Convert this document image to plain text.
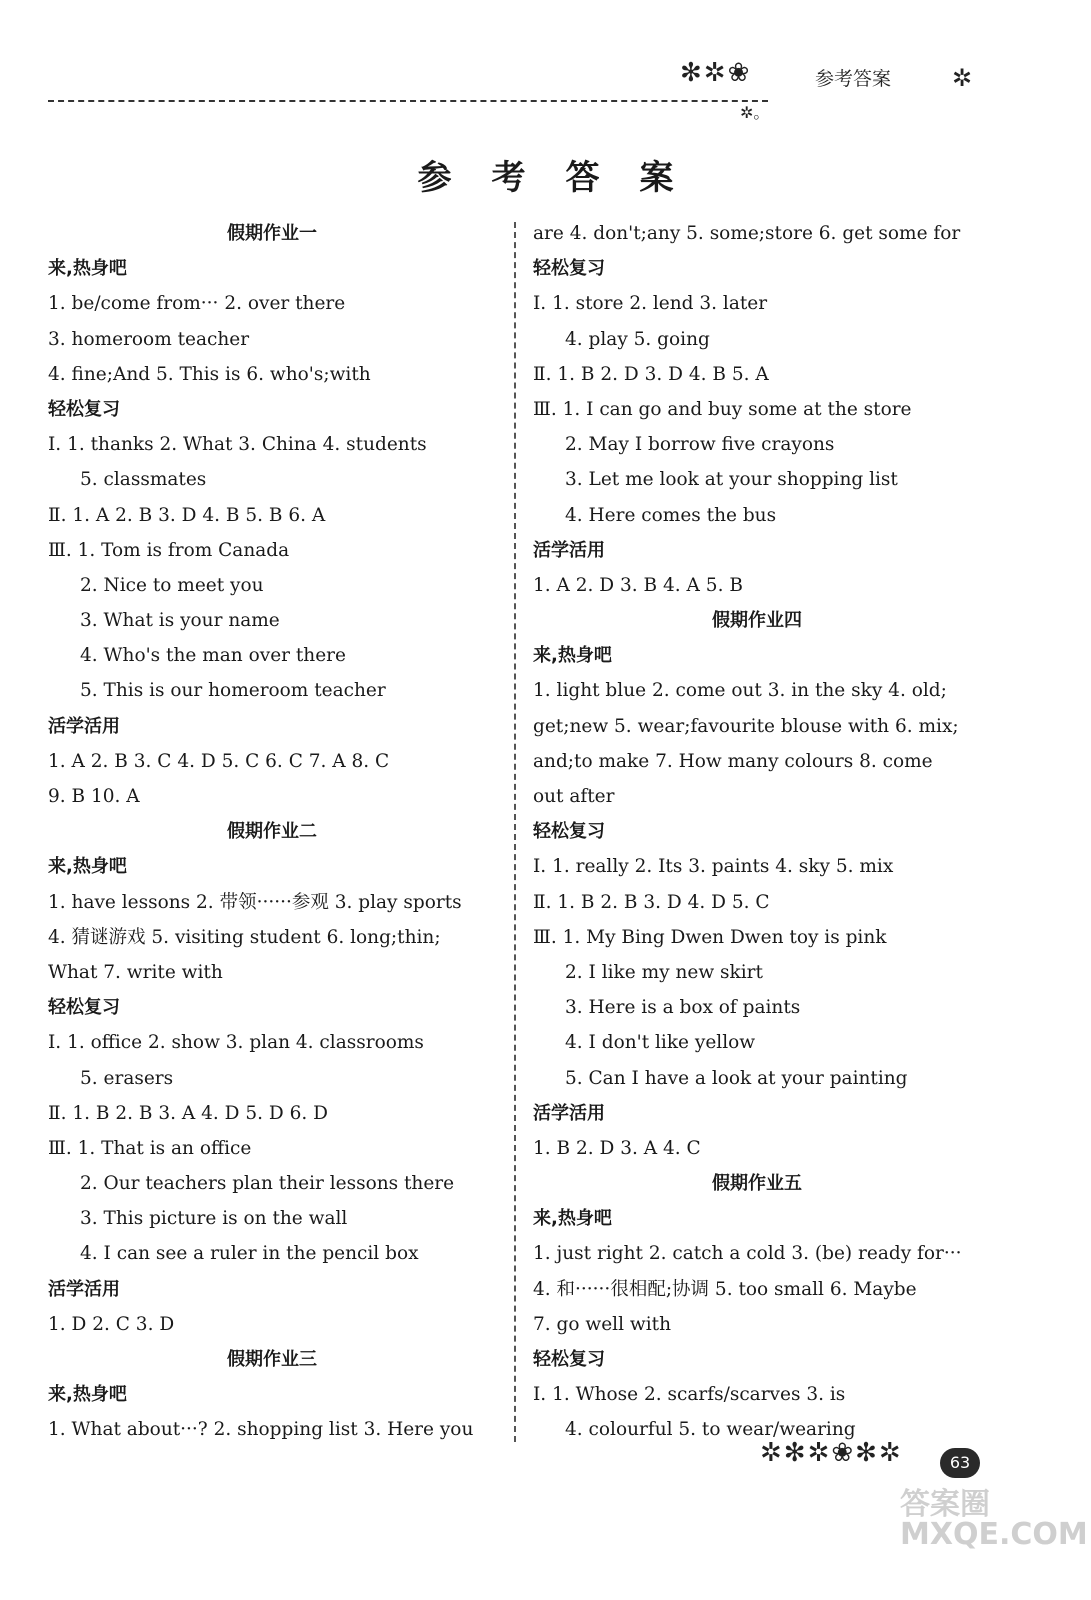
✻✲❀	参考答案	✲
✲。
参考答案
假期作业一
来,热身吧
1. be/come from··· 2. over there
3. homeroom teacher
4. fine;And 5. This is 6. who's;with
轻松复习
Ⅰ. 1. thanks 2. What 3. China 4. students
5. classmates
Ⅱ. 1. A 2. B 3. D 4. B 5. B 6. A
Ⅲ. 1. Tom is from Canada
2. Nice to meet you
3. What is your name
4. Who's the man over there
5. This is our homeroom teacher
活学活用
1. A 2. B 3. C 4. D 5. C 6. C 7. A 8. C
9. B 10. A
假期作业二
来,热身吧
1. have lessons 2. 带领······参观 3. play sports
4. 猜谜游戏 5. visiting student 6. long;thin;
What 7. write with
轻松复习
Ⅰ. 1. office 2. show 3. plan 4. classrooms
5. erasers
Ⅱ. 1. B 2. B 3. A 4. D 5. D 6. D
Ⅲ. 1. That is an office
2. Our teachers plan their lessons there
3. This picture is on the wall
4. I can see a ruler in the pencil box
活学活用
1. D 2. C 3. D
假期作业三
来,热身吧
1. What about···? 2. shopping list 3. Here you
are 4. don't;any 5. some;store 6. get some for
轻松复习
Ⅰ. 1. store 2. lend 3. later
4. play 5. going
Ⅱ. 1. B 2. D 3. D 4. B 5. A
Ⅲ. 1. I can go and buy some at the store
2. May I borrow five crayons
3. Let me look at your shopping list
4. Here comes the bus
活学活用
1. A 2. D 3. B 4. A 5. B
假期作业四
来,热身吧
1. light blue 2. come out 3. in the sky 4. old;
get;new 5. wear;favourite blouse with 6. mix;
and;to make 7. How many colours 8. come
out after
轻松复习
Ⅰ. 1. really 2. Its 3. paints 4. sky 5. mix
Ⅱ. 1. B 2. B 3. D 4. D 5. C
Ⅲ. 1. My Bing Dwen Dwen toy is pink
2. I like my new skirt
3. Here is a box of paints
4. I don't like yellow
5. Can I have a look at your painting
活学活用
1. B 2. D 3. A 4. C
假期作业五
来,热身吧
1. just right 2. catch a cold 3. (be) ready for···
4. 和······很相配;协调 5. too small 6. Maybe
7. go well with
轻松复习
Ⅰ. 1. Whose 2. scarfs/scarves 3. is
4. colourful 5. to wear/wearing
✲✻✲❀✻✲	63
答案圈 MXQE.COM
